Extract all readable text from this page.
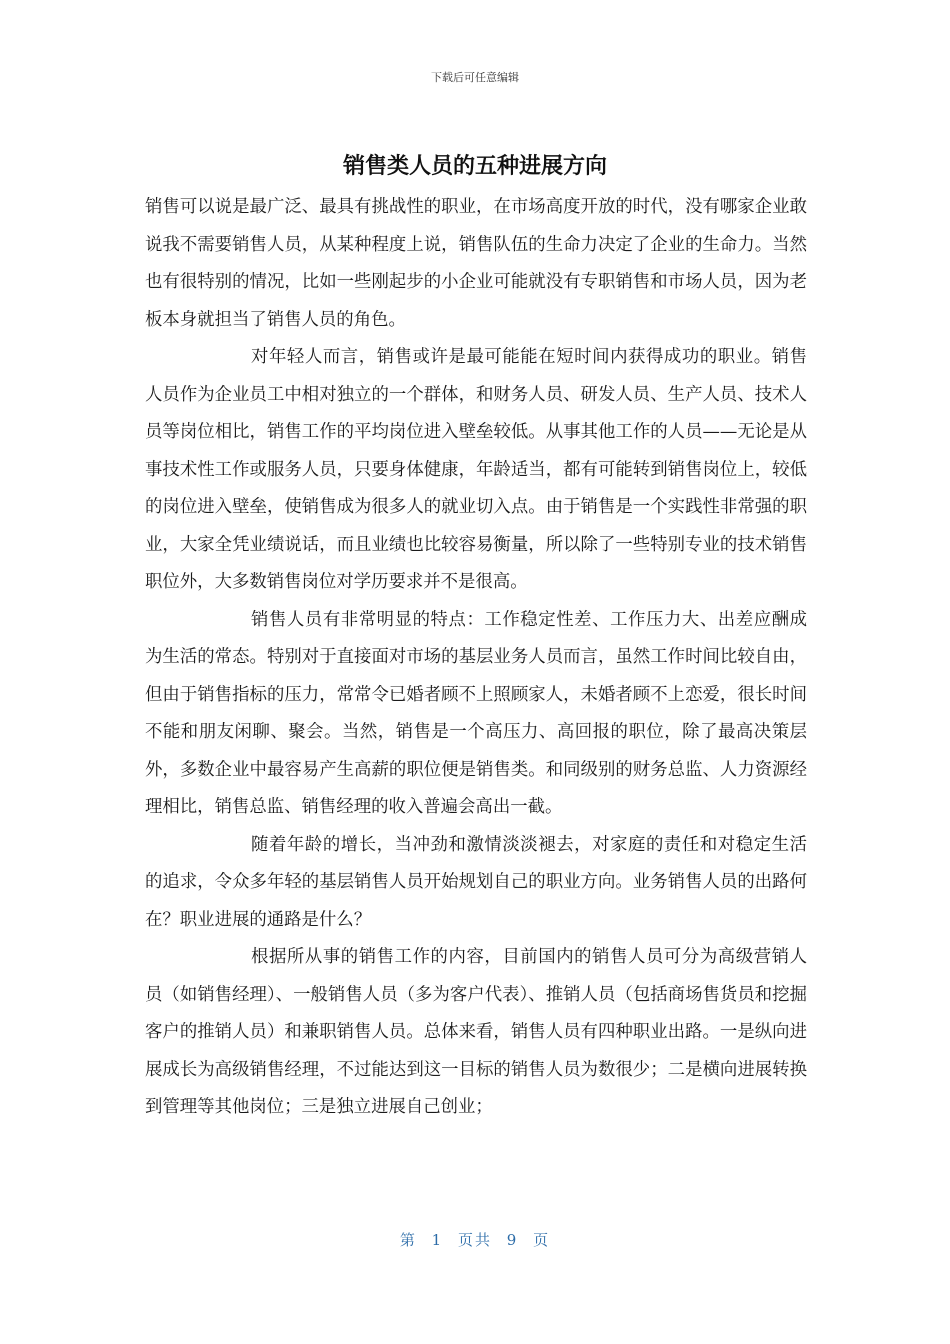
下载后可任意编辑
销售类人员的五种进展方向

销售可以说是最广泛、最具有挑战性的职业，在市场高度开放的时代，没有哪家企业敢说我不需要销售人员，从某种程度上说，销售队伍的生命力决定了企业的生命力。当然也有很特别的情况，比如一些刚起步的小企业可能就没有专职销售和市场人员，因为老板本身就担当了销售人员的角色。

对年轻人而言，销售或许是最可能能在短时间内获得成功的职业。销售人员作为企业员工中相对独立的一个群体，和财务人员、研发人员、生产人员、技术人员等岗位相比，销售工作的平均岗位进入壁垒较低。从事其他工作的人员——无论是从事技术性工作或服务人员，只要身体健康，年龄适当，都有可能转到销售岗位上，较低的岗位进入壁垒，使销售成为很多人的就业切入点。由于销售是一个实践性非常强的职业，大家全凭业绩说话，而且业绩也比较容易衡量，所以除了一些特别专业的技术销售职位外，大多数销售岗位对学历要求并不是很高。

销售人员有非常明显的特点：工作稳定性差、工作压力大、出差应酬成为生活的常态。特别对于直接面对市场的基层业务人员而言，虽然工作时间比较自由，但由于销售指标的压力，常常令已婚者顾不上照顾家人，未婚者顾不上恋爱，很长时间不能和朋友闲聊、聚会。当然，销售是一个高压力、高回报的职位，除了最高决策层外，多数企业中最容易产生高薪的职位便是销售类。和同级别的财务总监、人力资源经理相比，销售总监、销售经理的收入普遍会高出一截。

随着年龄的增长，当冲劲和激情淡淡褪去，对家庭的责任和对稳定生活的追求，令众多年轻的基层销售人员开始规划自己的职业方向。业务销售人员的出路何在？职业进展的通路是什么？

根据所从事的销售工作的内容，目前国内的销售人员可分为高级营销人员（如销售经理）、一般销售人员（多为客户代表）、推销人员（包括商场售货员和挖掘客户的推销人员）和兼职销售人员。总体来看，销售人员有四种职业出路。一是纵向进展成长为高级销售经理，不过能达到这一目标的销售人员为数很少；二是横向进展转换到管理等其他岗位；三是独立进展自己创业；

第 1 页共 9 页
